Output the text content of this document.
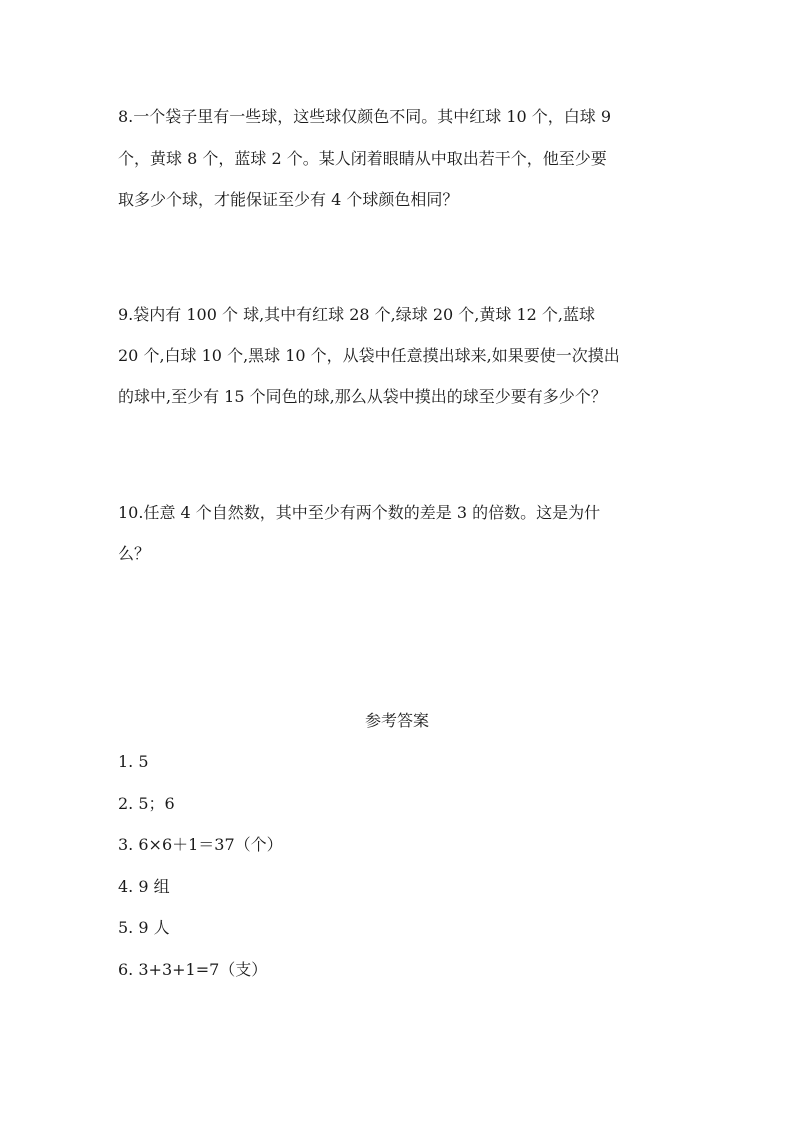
8.一个袋子里有一些球，这些球仅颜色不同。其中红球 10 个，白球 9
个，黄球 8 个，蓝球 2 个。某人闭着眼睛从中取出若干个，他至少要
取多少个球，才能保证至少有 4 个球颜色相同？
9.袋内有 100 个 球,其中有红球 28 个,绿球 20 个,黄球 12 个,蓝球
20 个,白球 10 个,黑球 10 个，从袋中任意摸出球来,如果要使一次摸出
的球中,至少有 15 个同色的球,那么从袋中摸出的球至少要有多少个？
10.任意 4 个自然数，其中至少有两个数的差是 3 的倍数。这是为什
么？
参考答案
1. 5
2. 5；6
3. 6×6＋1＝37（个）
4. 9 组
5. 9 人
6. 3+3+1=7（支）
